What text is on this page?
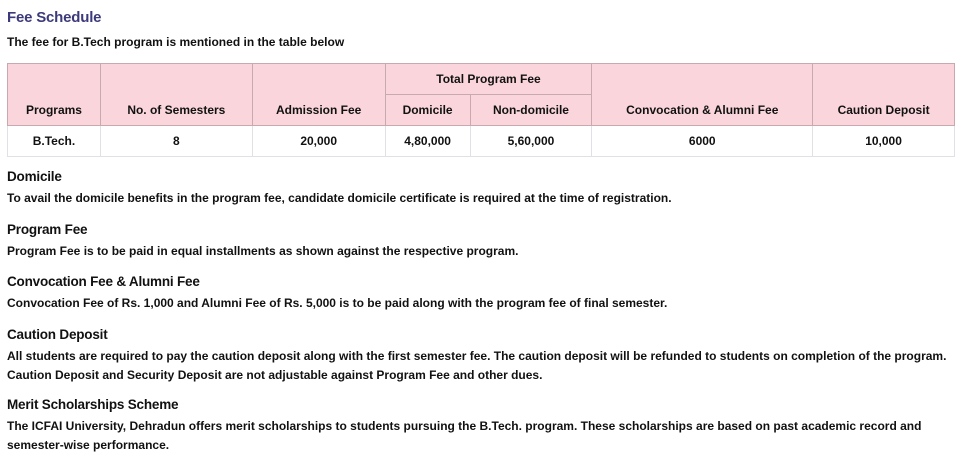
Fee Schedule

The fee for B.Tech program is mentioned in the table below

Programs	No. of Semesters	Admission Fee	Total Program Fee		Convocation & Alumni Fee	Caution Deposit
			Domicile	Non-domicile		
B.Tech.	8	20,000	4,80,000	5,60,000	6000	10,000
Domicile

To avail the domicile benefits in the program fee, candidate domicile certificate is required at the time of registration.

Program Fee

Program Fee is to be paid in equal installments as shown against the respective program.

Convocation Fee & Alumni Fee

Convocation Fee of Rs. 1,000 and Alumni Fee of Rs. 5,000 is to be paid along with the program fee of final semester.

Caution Deposit

All students are required to pay the caution deposit along with the first semester fee. The caution deposit will be refunded to students on completion of the program. Caution Deposit and Security Deposit are not adjustable against Program Fee and other dues.

Merit Scholarships Scheme

The ICFAI University, Dehradun offers merit scholarships to students pursuing the B.Tech. program. These scholarships are based on past academic record and semester-wise performance.
